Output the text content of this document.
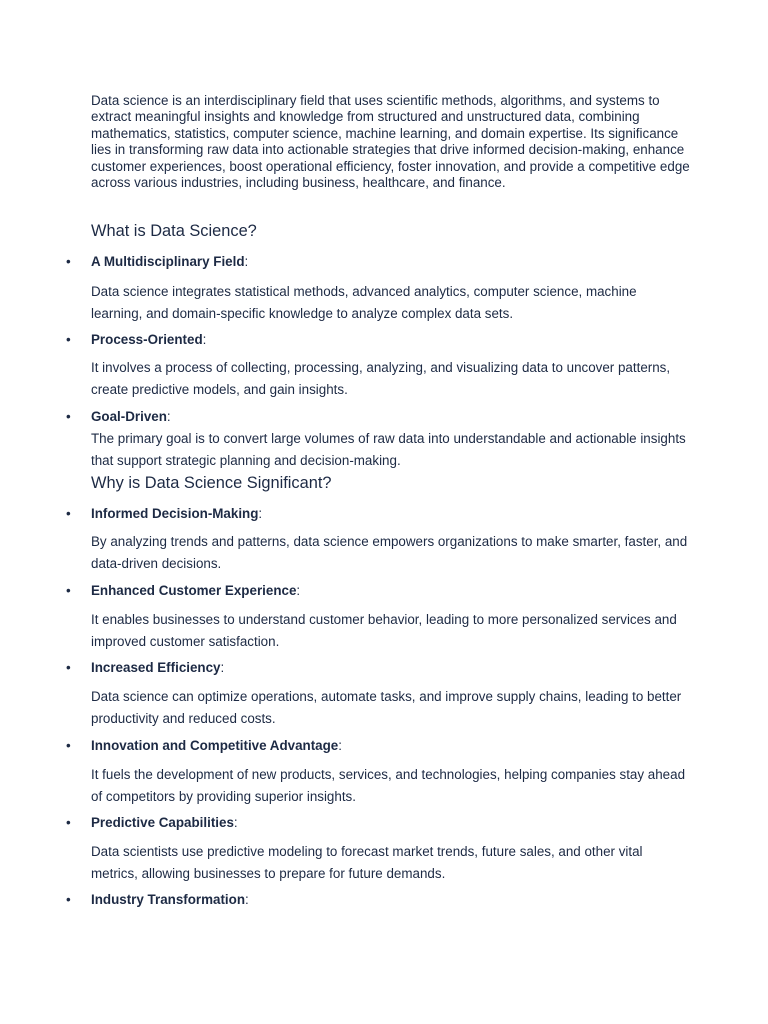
Data science is an interdisciplinary field that uses scientific methods, algorithms, and systems to extract meaningful insights and knowledge from structured and unstructured data, combining mathematics, statistics, computer science, machine learning, and domain expertise. Its significance lies in transforming raw data into actionable strategies that drive informed decision-making, enhance customer experiences, boost operational efficiency, foster innovation, and provide a competitive edge across various industries, including business, healthcare, and finance.

What is Data Science?
• A Multidisciplinary Field:

Data science integrates statistical methods, advanced analytics, computer science, machine learning, and domain-specific knowledge to analyze complex data sets.

• Process-Oriented:

It involves a process of collecting, processing, analyzing, and visualizing data to uncover patterns, create predictive models, and gain insights.

• Goal-Driven:

The primary goal is to convert large volumes of raw data into understandable and actionable insights that support strategic planning and decision-making.

Why is Data Science Significant?
• Informed Decision-Making:

By analyzing trends and patterns, data science empowers organizations to make smarter, faster, and data-driven decisions.

• Enhanced Customer Experience:

It enables businesses to understand customer behavior, leading to more personalized services and improved customer satisfaction.

• Increased Efficiency:

Data science can optimize operations, automate tasks, and improve supply chains, leading to better productivity and reduced costs.

• Innovation and Competitive Advantage:

It fuels the development of new products, services, and technologies, helping companies stay ahead of competitors by providing superior insights.

• Predictive Capabilities:

Data scientists use predictive modeling to forecast market trends, future sales, and other vital metrics, allowing businesses to prepare for future demands.

• Industry Transformation:
